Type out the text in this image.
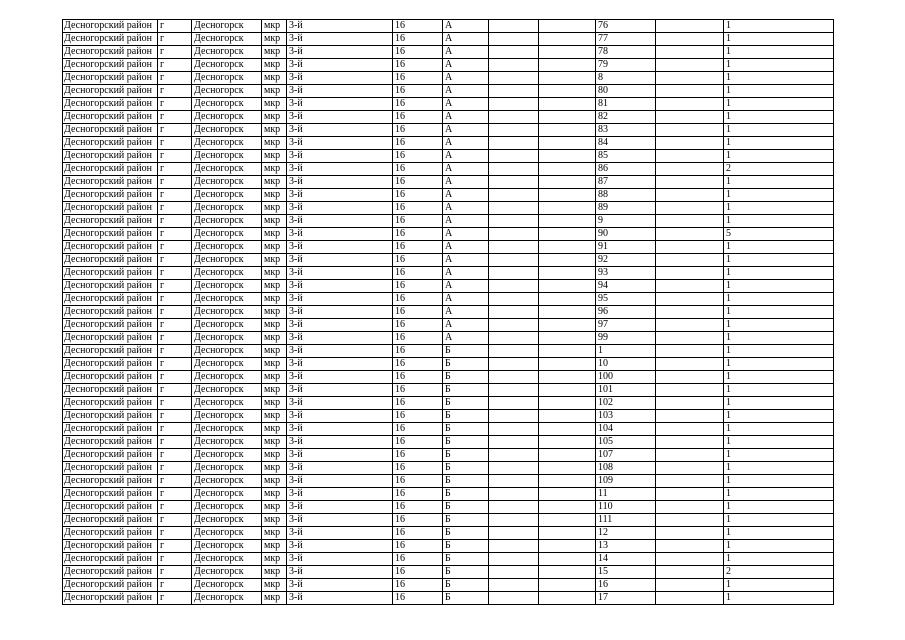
Десногорский район	г	Десногорск	мкр	3-й	16	А			76		1
Десногорский район	г	Десногорск	мкр	3-й	16	А			77		1
Десногорский район	г	Десногорск	мкр	3-й	16	А			78		1
Десногорский район	г	Десногорск	мкр	3-й	16	А			79		1
Десногорский район	г	Десногорск	мкр	3-й	16	А			8		1
Десногорский район	г	Десногорск	мкр	3-й	16	А			80		1
Десногорский район	г	Десногорск	мкр	3-й	16	А			81		1
Десногорский район	г	Десногорск	мкр	3-й	16	А			82		1
Десногорский район	г	Десногорск	мкр	3-й	16	А			83		1
Десногорский район	г	Десногорск	мкр	3-й	16	А			84		1
Десногорский район	г	Десногорск	мкр	3-й	16	А			85		1
Десногорский район	г	Десногорск	мкр	3-й	16	А			86		2
Десногорский район	г	Десногорск	мкр	3-й	16	А			87		1
Десногорский район	г	Десногорск	мкр	3-й	16	А			88		1
Десногорский район	г	Десногорск	мкр	3-й	16	А			89		1
Десногорский район	г	Десногорск	мкр	3-й	16	А			9		1
Десногорский район	г	Десногорск	мкр	3-й	16	А			90		5
Десногорский район	г	Десногорск	мкр	3-й	16	А			91		1
Десногорский район	г	Десногорск	мкр	3-й	16	А			92		1
Десногорский район	г	Десногорск	мкр	3-й	16	А			93		1
Десногорский район	г	Десногорск	мкр	3-й	16	А			94		1
Десногорский район	г	Десногорск	мкр	3-й	16	А			95		1
Десногорский район	г	Десногорск	мкр	3-й	16	А			96		1
Десногорский район	г	Десногорск	мкр	3-й	16	А			97		1
Десногорский район	г	Десногорск	мкр	3-й	16	А			99		1
Десногорский район	г	Десногорск	мкр	3-й	16	Б			1		1
Десногорский район	г	Десногорск	мкр	3-й	16	Б			10		1
Десногорский район	г	Десногорск	мкр	3-й	16	Б			100		1
Десногорский район	г	Десногорск	мкр	3-й	16	Б			101		1
Десногорский район	г	Десногорск	мкр	3-й	16	Б			102		1
Десногорский район	г	Десногорск	мкр	3-й	16	Б			103		1
Десногорский район	г	Десногорск	мкр	3-й	16	Б			104		1
Десногорский район	г	Десногорск	мкр	3-й	16	Б			105		1
Десногорский район	г	Десногорск	мкр	3-й	16	Б			107		1
Десногорский район	г	Десногорск	мкр	3-й	16	Б			108		1
Десногорский район	г	Десногорск	мкр	3-й	16	Б			109		1
Десногорский район	г	Десногорск	мкр	3-й	16	Б			11		1
Десногорский район	г	Десногорск	мкр	3-й	16	Б			110		1
Десногорский район	г	Десногорск	мкр	3-й	16	Б			111		1
Десногорский район	г	Десногорск	мкр	3-й	16	Б			12		1
Десногорский район	г	Десногорск	мкр	3-й	16	Б			13		1
Десногорский район	г	Десногорск	мкр	3-й	16	Б			14		1
Десногорский район	г	Десногорск	мкр	3-й	16	Б			15		2
Десногорский район	г	Десногорск	мкр	3-й	16	Б			16		1
Десногорский район	г	Десногорск	мкр	3-й	16	Б			17		1
